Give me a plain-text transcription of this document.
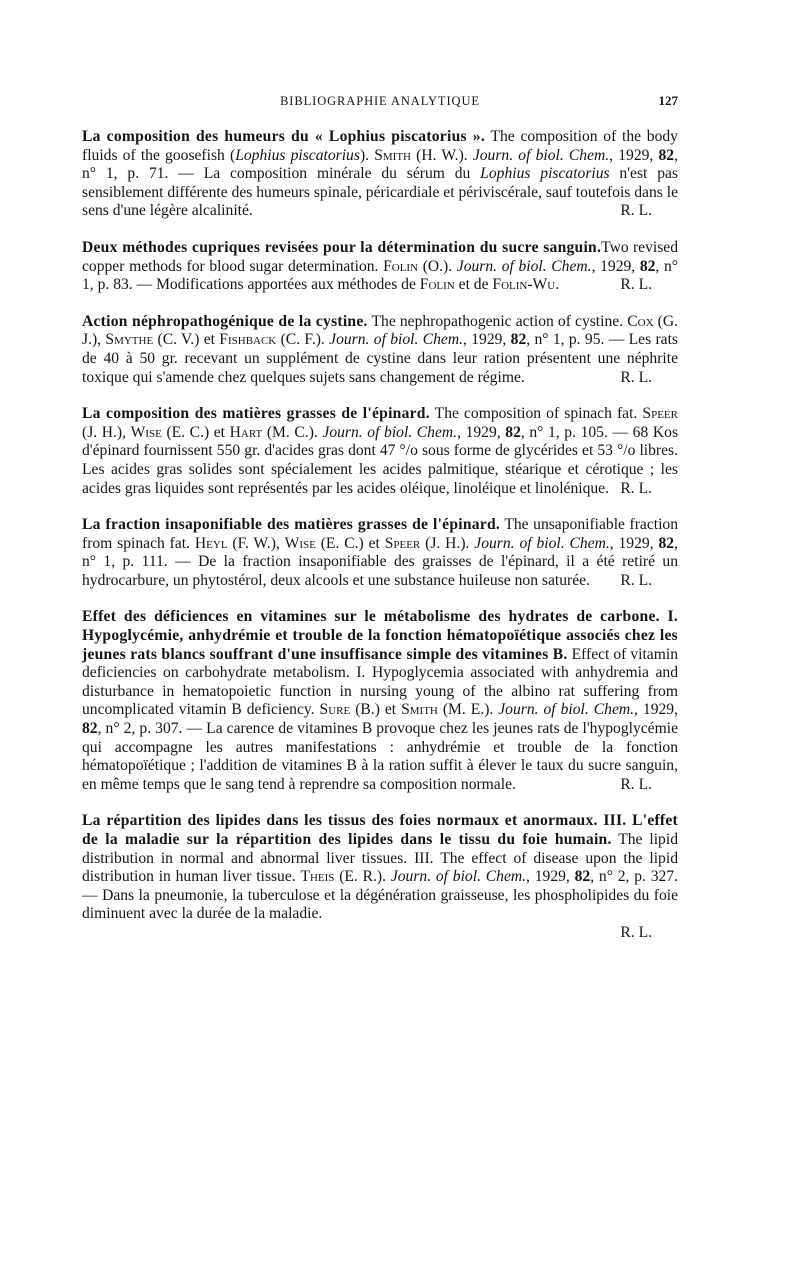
BIBLIOGRAPHIE ANALYTIQUE	127

La composition des humeurs du « Lophius piscatorius ». The composition of the body fluids of the goosefish (Lophius piscatorius). Smith (H. W.). Journ. of biol. Chem., 1929, 82, n° 1, p. 71. — La composition minérale du sérum du Lophius piscatorius n'est pas sensiblement différente des humeurs spinale, péricardiale et périviscérale, sauf toutefois dans le sens d'une légère alcalinité.	R. L.

Deux méthodes cupriques revisées pour la détermination du sucre sanguin.Two revised copper methods for blood sugar determination. Folin (O.). Journ. of biol. Chem., 1929, 82, n° 1, p. 83. — Modifications apportées aux méthodes de Folin et de Folin-Wu.	R. L.

Action néphropathogénique de la cystine. The nephropathogenic action of cystine. Cox (G. J.), Smythe (C. V.) et Fishback (C. F.). Journ. of biol. Chem., 1929, 82, n° 1, p. 95. — Les rats de 40 à 50 gr. recevant un supplément de cystine dans leur ration présentent une néphrite toxique qui s'amende chez quelques sujets sans changement de régime.	R. L.

La composition des matières grasses de l'épinard. The composition of spinach fat. Speer (J. H.), Wise (E. C.) et Hart (M. C.). Journ. of biol. Chem., 1929, 82, n° 1, p. 105. — 68 Kos d'épinard fournissent 550 gr. d'acides gras dont 47 °/o sous forme de glycérides et 53 °/o libres. Les acides gras solides sont spécialement les acides palmitique, stéarique et cérotique ; les acides gras liquides sont représentés par les acides oléique, linoléique et linolénique. R. L.

La fraction insaponifiable des matières grasses de l'épinard. The unsaponifiable fraction from spinach fat. Heyl (F. W.), Wise (E. C.) et Speer (J. H.). Journ. of biol. Chem., 1929, 82, n° 1, p. 111. — De la fraction insaponifiable des graisses de l'épinard, il a été retiré un hydrocarbure, un phytostérol, deux alcools et une substance huileuse non saturée. R. L.

Effet des déficiences en vitamines sur le métabolisme des hydrates de carbone. I. Hypoglycémie, anhydrémie et trouble de la fonction hématopoïétique associés chez les jeunes rats blancs souffrant d'une insuffisance simple des vitamines B. Effect of vitamin deficiencies on carbohydrate metabolism. I. Hypoglycemia associated with anhydremia and disturbance in hematopoietic function in nursing young of the albino rat suffering from uncomplicated vitamin B deficiency. Sure (B.) et Smith (M. E.). Journ. of biol. Chem., 1929, 82, n° 2, p. 307. — La carence de vitamines B provoque chez les jeunes rats de l'hypoglycémie qui accompagne les autres manifestations : anhydrémie et trouble de la fonction hématopoïétique ; l'addition de vitamines B à la ration suffit à élever le taux du sucre sanguin, en même temps que le sang tend à reprendre sa composition normale.	R. L.

La répartition des lipides dans les tissus des foies normaux et anormaux. III. L'effet de la maladie sur la répartition des lipides dans le tissu du foie humain. The lipid distribution in normal and abnormal liver tissues. III. The effect of disease upon the lipid distribution in human liver tissue. Theis (E. R.). Journ. of biol. Chem., 1929, 82, n° 2, p. 327. — Dans la pneumonie, la tuberculose et la dégénération graisseuse, les phospholipides du foie diminuent avec la durée de la maladie.
R. L.
